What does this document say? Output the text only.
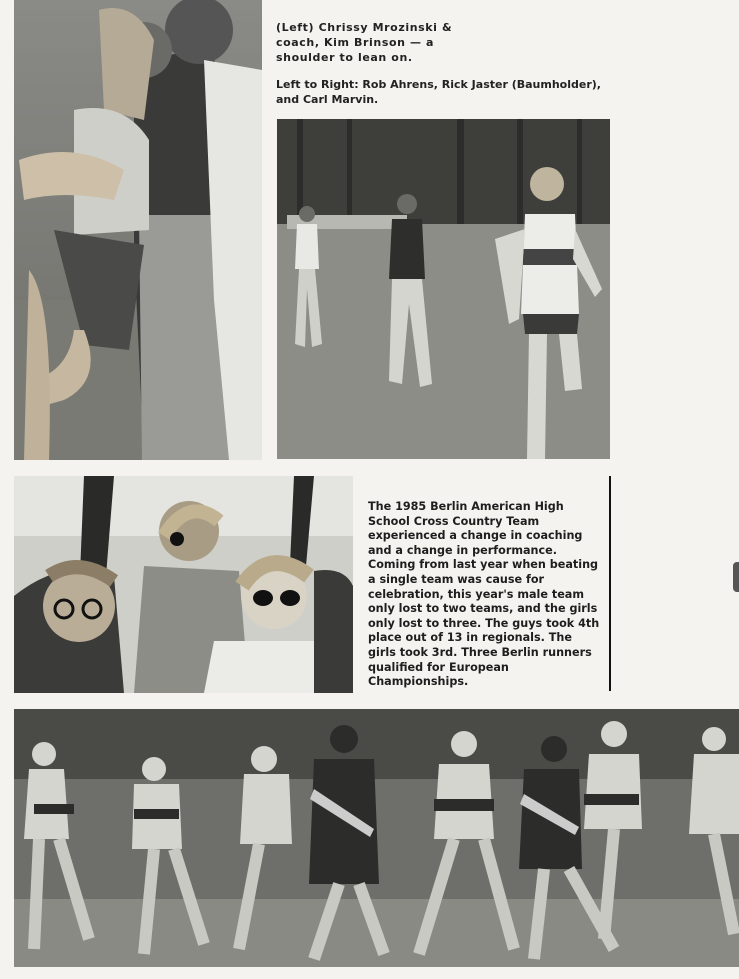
(Left) Chrissy Mrozinski & coach, Kim Brinson — a shoulder to lean on.

Left to Right: Rob Ahrens, Rick Jaster (Baumholder), and Carl Marvin.

The 1985 Berlin American High School Cross Country Team experienced a change in coaching and a change in performance. Coming from last year when beating a single team was cause for celebration, this year's male team only lost to two teams, and the girls only lost to three. The guys took 4th place out of 13 in regionals. The girls took 3rd. Three Berlin runners qualified for European Championships.
